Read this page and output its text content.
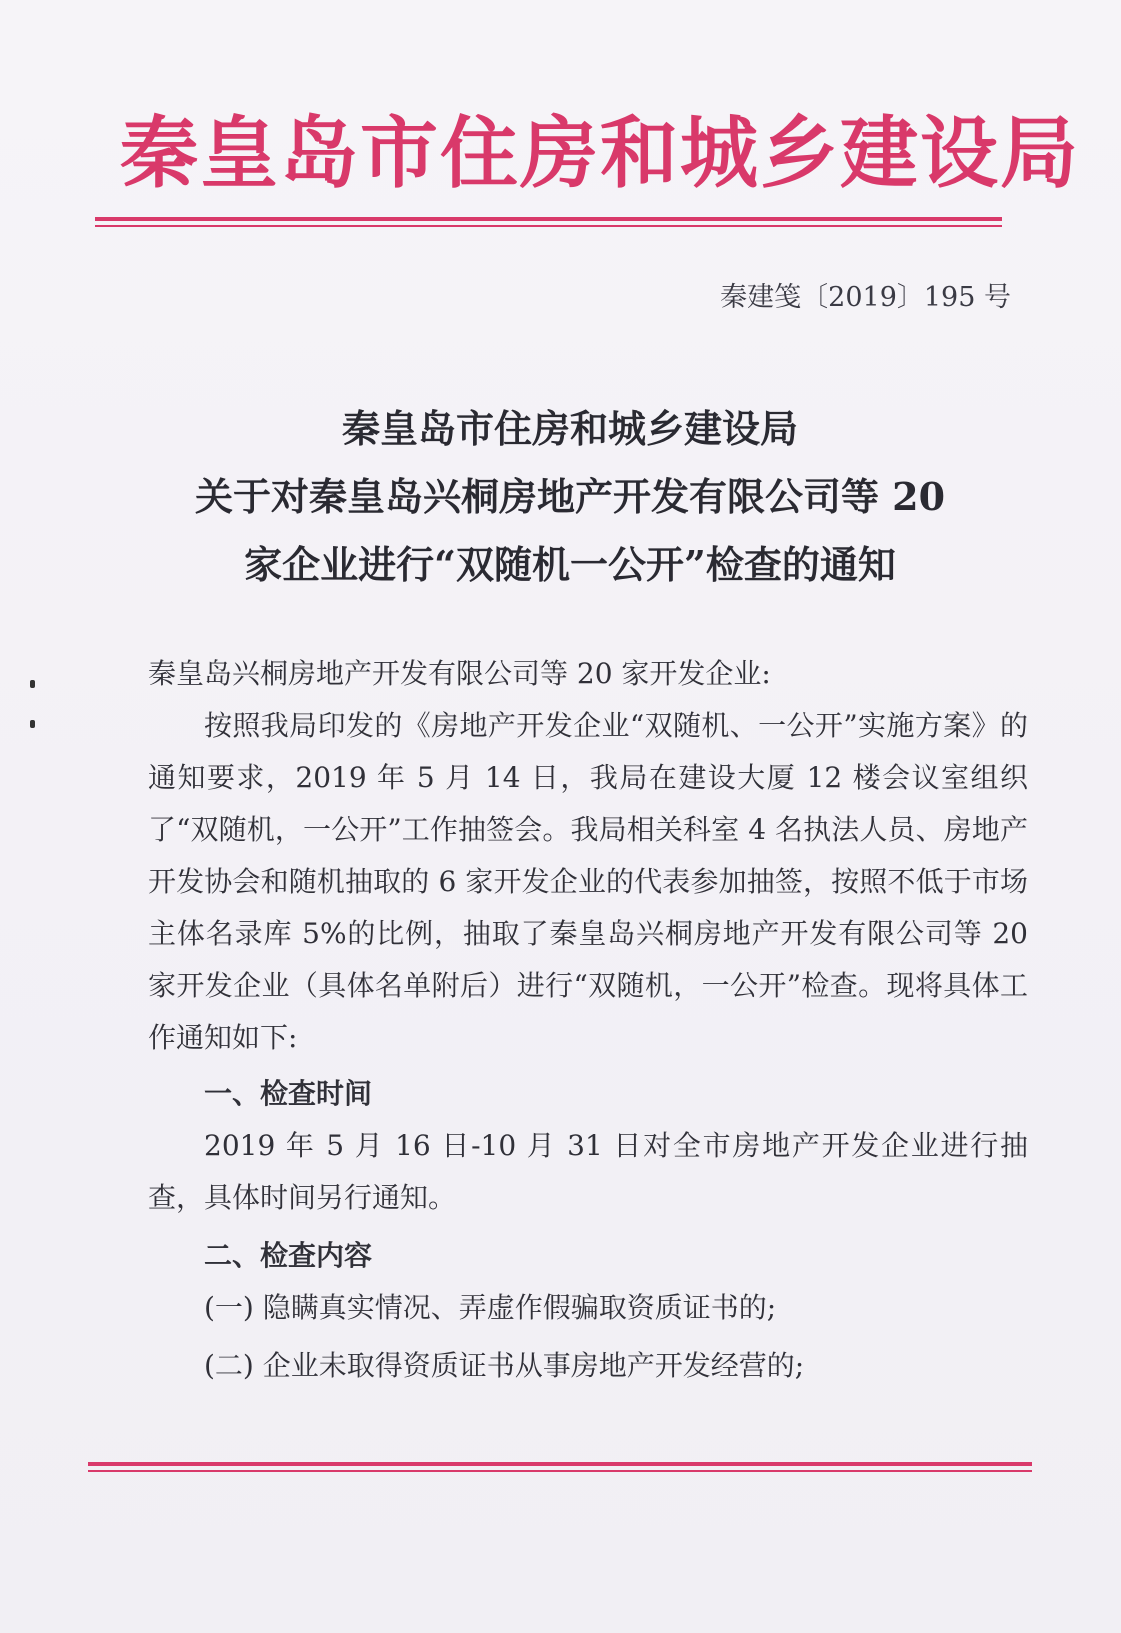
秦皇岛市住房和城乡建设局
秦建笺〔2019〕195 号
秦皇岛市住房和城乡建设局
关于对秦皇岛兴桐房地产开发有限公司等 20
家企业进行“双随机一公开”检查的通知

秦皇岛兴桐房地产开发有限公司等 20 家开发企业:

按照我局印发的《房地产开发企业“双随机、一公开”实施方案》的通知要求，2019 年 5 月 14 日，我局在建设大厦 12 楼会议室组织了“双随机，一公开”工作抽签会。我局相关科室 4 名执法人员、房地产开发协会和随机抽取的 6 家开发企业的代表参加抽签，按照不低于市场主体名录库 5%的比例，抽取了秦皇岛兴桐房地产开发有限公司等 20 家开发企业（具体名单附后）进行“双随机，一公开”检查。现将具体工作通知如下:

一、检查时间

2019 年 5 月 16 日-10 月 31 日对全市房地产开发企业进行抽查，具体时间另行通知。

二、检查内容

(一) 隐瞒真实情况、弄虚作假骗取资质证书的;

(二) 企业未取得资质证书从事房地产开发经营的;
